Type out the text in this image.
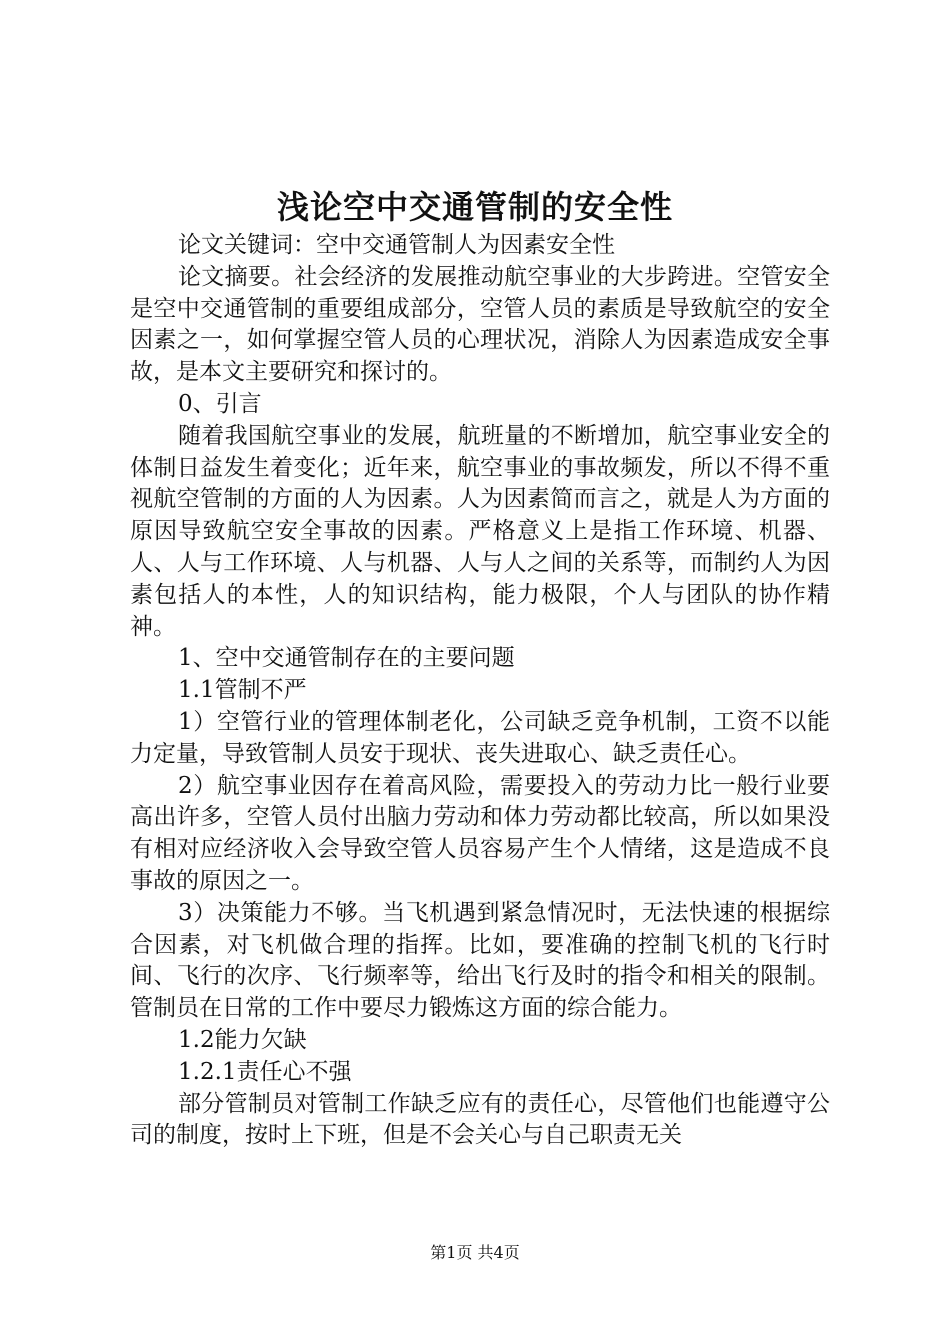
浅论空中交通管制的安全性

论文关键词：空中交通管制人为因素安全性

论文摘要。社会经济的发展推动航空事业的大步跨进。空管安全是空中交通管制的重要组成部分，空管人员的素质是导致航空的安全因素之一，如何掌握空管人员的心理状况，消除人为因素造成安全事故，是本文主要研究和探讨的。

0、引言

随着我国航空事业的发展，航班量的不断增加，航空事业安全的体制日益发生着变化；近年来，航空事业的事故频发，所以不得不重视航空管制的方面的人为因素。人为因素简而言之，就是人为方面的原因导致航空安全事故的因素。严格意义上是指工作环境、机器、人、人与工作环境、人与机器、人与人之间的关系等，而制约人为因素包括人的本性，人的知识结构，能力极限，个人与团队的协作精神。

1、空中交通管制存在的主要问题

1.1管制不严

1）空管行业的管理体制老化，公司缺乏竞争机制，工资不以能力定量，导致管制人员安于现状、丧失进取心、缺乏责任心。

2）航空事业因存在着高风险，需要投入的劳动力比一般行业要高出许多，空管人员付出脑力劳动和体力劳动都比较高，所以如果没有相对应经济收入会导致空管人员容易产生个人情绪，这是造成不良事故的原因之一。

3）决策能力不够。当飞机遇到紧急情况时，无法快速的根据综合因素，对飞机做合理的指挥。比如，要准确的控制飞机的飞行时间、飞行的次序、飞行频率等，给出飞行及时的指令和相关的限制。管制员在日常的工作中要尽力锻炼这方面的综合能力。

1.2能力欠缺

1.2.1责任心不强

部分管制员对管制工作缺乏应有的责任心，尽管他们也能遵守公司的制度，按时上下班，但是不会关心与自己职责无关

第1页 共4页
